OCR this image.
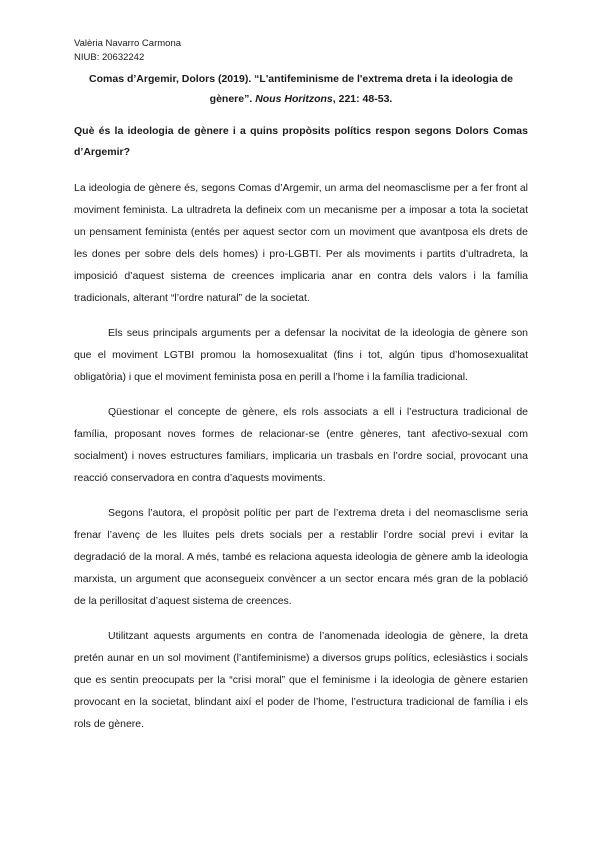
Valèria Navarro Carmona
NIUB: 20632242
Comas d’Argemir, Dolors (2019). “L'antifeminisme de l'extrema dreta i la ideologia de gènere”. Nous Horitzons, 221: 48-53.
Què és la ideologia de gènere i a quins propòsits polítics respon segons Dolors Comas d’Argemir?

La ideologia de gènere és, segons Comas d’Argemir, un arma del neomasclisme per a fer front al moviment feminista. La ultradreta la defineix com un mecanisme per a imposar a tota la societat un pensament feminista (entés per aquest sector com un moviment que avantposa els drets de les dones per sobre dels dels homes) i pro-LGBTI. Per als moviments i partits d’ultradreta, la imposició d’aquest sistema de creences implicaria anar en contra dels valors i la família tradicionals, alterant “l’ordre natural” de la societat.

Els seus principals arguments per a defensar la nocivitat de la ideologia de gènere son que el moviment LGTBI promou la homosexualitat (fins i tot, algún tipus d’homosexualitat obligatòria) i que el moviment feminista posa en perill a l’home i la família tradicional.

Qüestionar el concepte de gènere, els rols associats a ell i l’estructura tradicional de família, proposant noves formes de relacionar-se (entre gèneres, tant afectivo-sexual com socialment) i noves estructures familiars, implicaria un trasbals en l’ordre social, provocant una reacció conservadora en contra d’aquests moviments.

Segons l’autora, el propòsit polític per part de l’extrema dreta i del neomasclisme seria frenar l’avenç de les lluites pels drets socials per a restablir l’ordre social previ i evitar la degradació de la moral. A més, també es relaciona aquesta ideologia de gènere amb la ideologia marxista, un argument que aconsegueix convèncer a un sector encara més gran de la població de la perillositat d’aquest sistema de creences.

Utilitzant aquests arguments en contra de l’anomenada ideologia de gènere, la dreta pretén aunar en un sol moviment (l’antifeminisme) a diversos grups polítics, eclesiàstics i socials que es sentin preocupats per la “crisi moral” que el feminisme i la ideologia de gènere estarien provocant en la societat, blindant així el poder de l’home, l’estructura tradicional de família i els rols de gènere.
